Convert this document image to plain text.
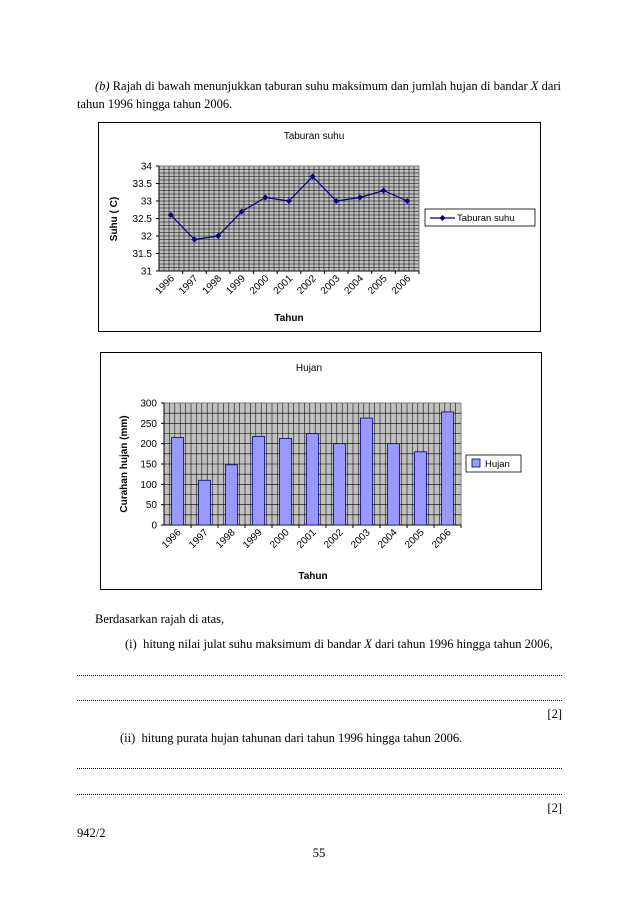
(b) Rajah di bawah menunjukkan taburan suhu maksimum dan jumlah hujan di bandar X dari tahun 1996 hingga tahun 2006.
Taburan suhu
31
31.5
32
32.5
33
33.5
34
1996 1997 1998 1999 2000 2001 2002 2003 2004 2005 2006
Tahun
Suhu ( C)	Taburan suhu
Hujan
0
50
100
150
200
250
300
1996 1997 1998 1999 2000 2001 2002 2003 2004 2005 2006
Tahun
Curahan hujan (mm)	Hujan
Berdasarkan rajah di atas,
(i) hitung nilai julat suhu maksimum di bandar X dari tahun 1996 hingga tahun 2006,
[2]
(ii) hitung purata hujan tahunan dari tahun 1996 hingga tahun 2006.
[2]
942/2
55
